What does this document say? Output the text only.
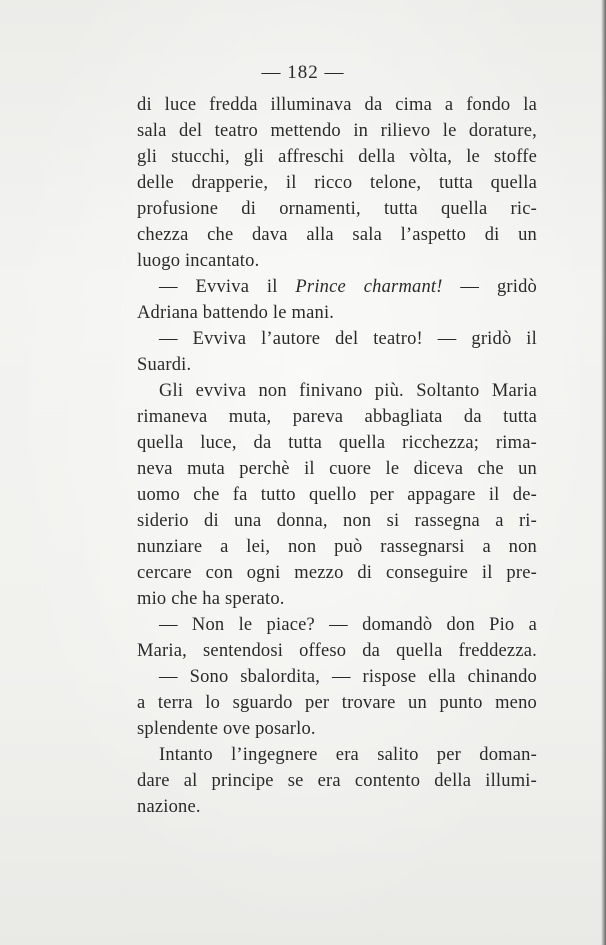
— 182 —
di luce fredda illuminava da cima a fondo la
sala del teatro mettendo in rilievo le dorature,
gli stucchi, gli affreschi della vòlta, le stoffe
delle drapperie, il ricco telone, tutta quella
profusione di ornamenti, tutta quella ric-
chezza che dava alla sala l’aspetto di un
luogo incantato.
— Evviva il Prince charmant! — gridò
Adriana battendo le mani.
— Evviva l’autore del teatro! — gridò il
Suardi.
Gli evviva non finivano più. Soltanto Maria
rimaneva muta, pareva abbagliata da tutta
quella luce, da tutta quella ricchezza; rima-
neva muta perchè il cuore le diceva che un
uomo che fa tutto quello per appagare il de-
siderio di una donna, non si rassegna a ri-
nunziare a lei, non può rassegnarsi a non
cercare con ogni mezzo di conseguire il pre-
mio che ha sperato.
— Non le piace? — domandò don Pio a
Maria, sentendosi offeso da quella freddezza.
— Sono sbalordita, — rispose ella chinando
a terra lo sguardo per trovare un punto meno
splendente ove posarlo.
Intanto l’ingegnere era salito per doman-
dare al principe se era contento della illumi-
nazione.
